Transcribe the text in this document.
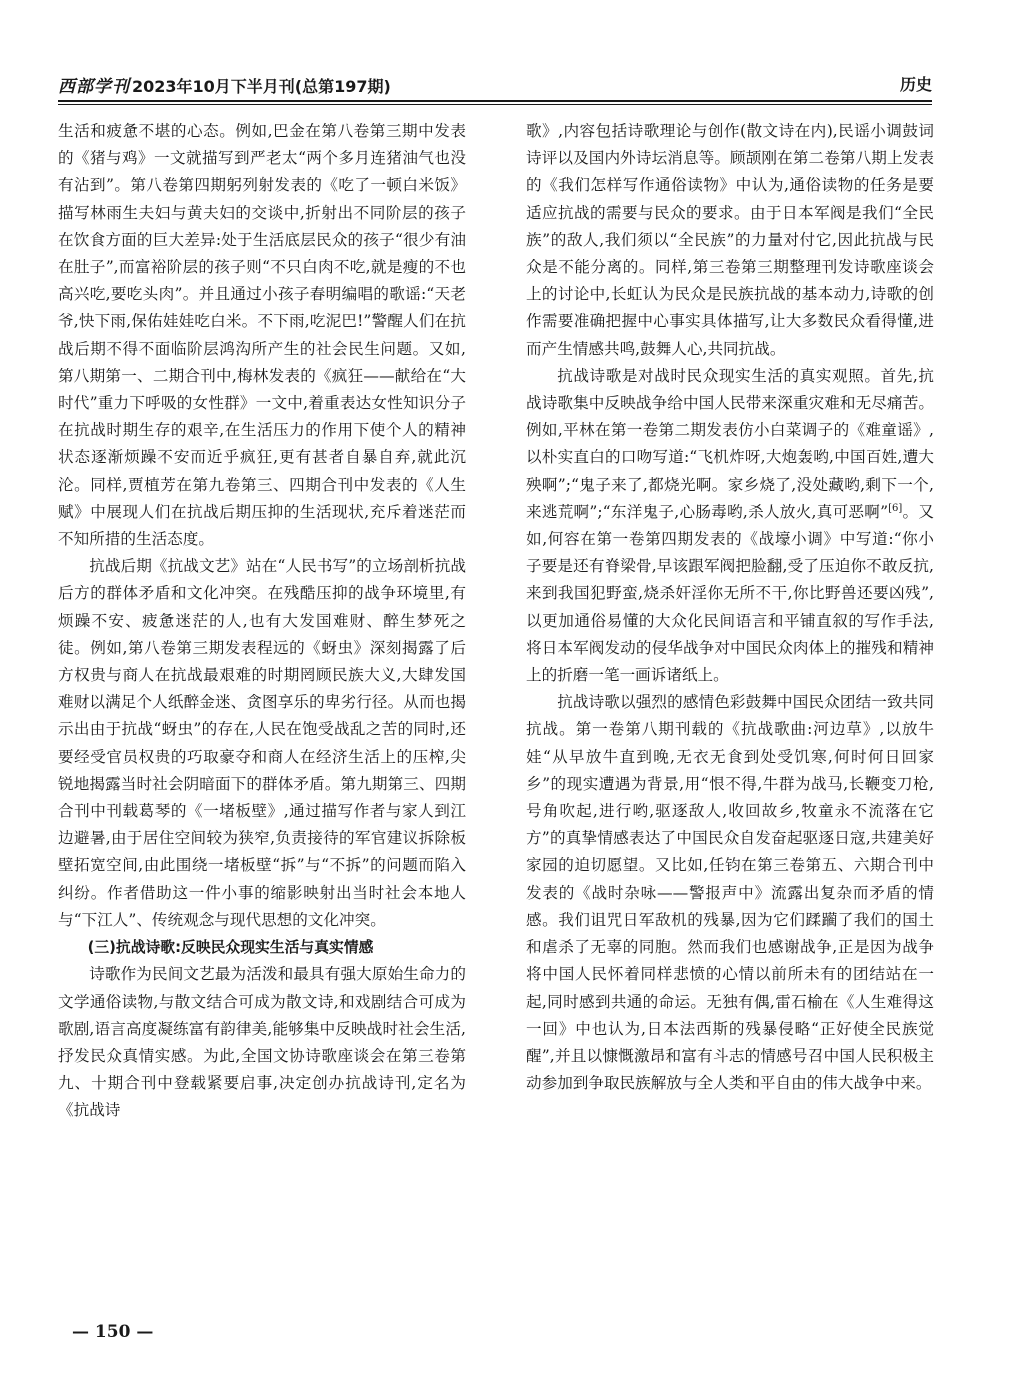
西部学刊 2023年10月下半月刊(总第197期)	历史

生活和疲惫不堪的心态。例如,巴金在第八卷第三期中发表的《猪与鸡》一文就描写到严老太“两个多月连猪油气也没有沾到”。第八卷第四期躬列射发表的《吃了一顿白米饭》描写林雨生夫妇与黄夫妇的交谈中,折射出不同阶层的孩子在饮食方面的巨大差异:处于生活底层民众的孩子“很少有油在肚子”,而富裕阶层的孩子则“不只白肉不吃,就是瘦的不也高兴吃,要吃头肉”。并且通过小孩子春明编唱的歌谣:“天老爷,快下雨,保佑娃娃吃白米。不下雨,吃泥巴!”警醒人们在抗战后期不得不面临阶层鸿沟所产生的社会民生问题。又如,第八期第一、二期合刊中,梅林发表的《疯狂——献给在“大时代”重力下呼吸的女性群》一文中,着重表达女性知识分子在抗战时期生存的艰辛,在生活压力的作用下使个人的精神状态逐渐烦躁不安而近乎疯狂,更有甚者自暴自弃,就此沉沦。同样,贾植芳在第九卷第三、四期合刊中发表的《人生赋》中展现人们在抗战后期压抑的生活现状,充斥着迷茫而不知所措的生活态度。

抗战后期《抗战文艺》站在“人民书写”的立场剖析抗战后方的群体矛盾和文化冲突。在残酷压抑的战争环境里,有烦躁不安、疲惫迷茫的人,也有大发国难财、醉生梦死之徒。例如,第八卷第三期发表程远的《蚜虫》深刻揭露了后方权贵与商人在抗战最艰难的时期罔顾民族大义,大肆发国难财以满足个人纸醉金迷、贪图享乐的卑劣行径。从而也揭示出由于抗战“蚜虫”的存在,人民在饱受战乱之苦的同时,还要经受官员权贵的巧取豪夺和商人在经济生活上的压榨,尖锐地揭露当时社会阴暗面下的群体矛盾。第九期第三、四期合刊中刊载葛琴的《一堵板壁》,通过描写作者与家人到江边避暑,由于居住空间较为狭窄,负责接待的军官建议拆除板壁拓宽空间,由此围绕一堵板壁“拆”与“不拆”的问题而陷入纠纷。作者借助这一件小事的缩影映射出当时社会本地人与“下江人”、传统观念与现代思想的文化冲突。

(三)抗战诗歌:反映民众现实生活与真实情感

诗歌作为民间文艺最为活泼和最具有强大原始生命力的文学通俗读物,与散文结合可成为散文诗,和戏剧结合可成为歌剧,语言高度凝练富有韵律美,能够集中反映战时社会生活,抒发民众真情实感。为此,全国文协诗歌座谈会在第三卷第九、十期合刊中登载紧要启事,决定创办抗战诗刊,定名为《抗战诗

歌》,内容包括诗歌理论与创作(散文诗在内),民谣小调鼓词诗评以及国内外诗坛消息等。顾颉刚在第二卷第八期上发表的《我们怎样写作通俗读物》中认为,通俗读物的任务是要适应抗战的需要与民众的要求。由于日本军阀是我们“全民族”的敌人,我们须以“全民族”的力量对付它,因此抗战与民众是不能分离的。同样,第三卷第三期整理刊发诗歌座谈会上的讨论中,长虹认为民众是民族抗战的基本动力,诗歌的创作需要准确把握中心事实具体描写,让大多数民众看得懂,进而产生情感共鸣,鼓舞人心,共同抗战。

抗战诗歌是对战时民众现实生活的真实观照。首先,抗战诗歌集中反映战争给中国人民带来深重灾难和无尽痛苦。例如,平林在第一卷第二期发表仿小白菜调子的《难童谣》,以朴实直白的口吻写道:“飞机炸呀,大炮轰哟,中国百姓,遭大殃啊”;“鬼子来了,都烧光啊。家乡烧了,没处藏哟,剩下一个,来逃荒啊”;“东洋鬼子,心肠毒哟,杀人放火,真可恶啊”[6]。又如,何容在第一卷第四期发表的《战壕小调》中写道:“你小子要是还有脊梁骨,早该跟军阀把脸翻,受了压迫你不敢反抗,来到我国犯野蛮,烧杀奸淫你无所不干,你比野兽还要凶残”,以更加通俗易懂的大众化民间语言和平铺直叙的写作手法,将日本军阀发动的侵华战争对中国民众肉体上的摧残和精神上的折磨一笔一画诉诸纸上。

抗战诗歌以强烈的感情色彩鼓舞中国民众团结一致共同抗战。第一卷第八期刊载的《抗战歌曲:河边草》,以放牛娃“从早放牛直到晚,无衣无食到处受饥寒,何时何日回家乡”的现实遭遇为背景,用“恨不得,牛群为战马,长鞭变刀枪,号角吹起,进行哟,驱逐敌人,收回故乡,牧童永不流落在它方”的真挚情感表达了中国民众自发奋起驱逐日寇,共建美好家园的迫切愿望。又比如,任钧在第三卷第五、六期合刊中发表的《战时杂咏——警报声中》流露出复杂而矛盾的情感。我们诅咒日军敌机的残暴,因为它们蹂躏了我们的国土和虐杀了无辜的同胞。然而我们也感谢战争,正是因为战争将中国人民怀着同样悲愤的心情以前所未有的团结站在一起,同时感到共通的命运。无独有偶,雷石榆在《人生难得这一回》中也认为,日本法西斯的残暴侵略“正好使全民族觉醒”,并且以慷慨激昂和富有斗志的情感号召中国人民积极主动参加到争取民族解放与全人类和平自由的伟大战争中来。

— 150 —
